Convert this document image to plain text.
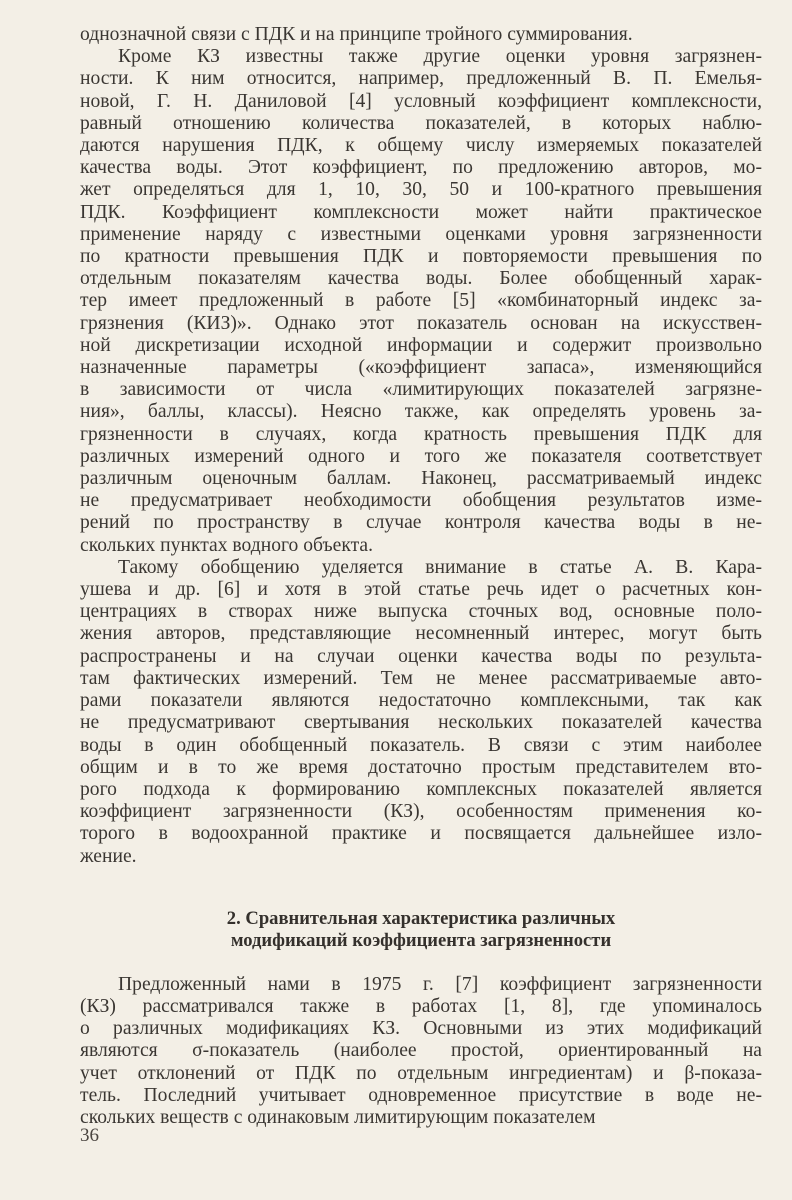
однозначной связи с ПДК и на принципе тройного суммирования.

Кроме КЗ известны также другие оценки уровня загрязнен-
ности. К ним относится, например, предложенный В. П. Емелья-
новой, Г. Н. Даниловой [4] условный коэффициент комплексности,
равный отношению количества показателей, в которых наблю-
даются нарушения ПДК, к общему числу измеряемых показателей
качества воды. Этот коэффициент, по предложению авторов, мо-
жет определяться для 1, 10, 30, 50 и 100-кратного превышения
ПДК. Коэффициент комплексности может найти практическое
применение наряду с известными оценками уровня загрязненности
по кратности превышения ПДК и повторяемости превышения по
отдельным показателям качества воды. Более обобщенный харак-
тер имеет предложенный в работе [5] «комбинаторный индекс за-
грязнения (КИЗ)». Однако этот показатель основан на искусствен-
ной дискретизации исходной информации и содержит произвольно
назначенные параметры («коэффициент запаса», изменяющийся
в зависимости от числа «лимитирующих показателей загрязне-
ния», баллы, классы). Неясно также, как определять уровень за-
грязненности в случаях, когда кратность превышения ПДК для
различных измерений одного и того же показателя соответствует
различным оценочным баллам. Наконец, рассматриваемый индекс
не предусматривает необходимости обобщения результатов изме-
рений по пространству в случае контроля качества воды в не-
скольких пунктах водного объекта.

Такому обобщению уделяется внимание в статье А. В. Кара-
ушева и др. [6] и хотя в этой статье речь идет о расчетных кон-
центрациях в створах ниже выпуска сточных вод, основные поло-
жения авторов, представляющие несомненный интерес, могут быть
распространены и на случаи оценки качества воды по результа-
там фактических измерений. Тем не менее рассматриваемые авто-
рами показатели являются недостаточно комплексными, так как
не предусматривают свертывания нескольких показателей качества
воды в один обобщенный показатель. В связи с этим наиболее
общим и в то же время достаточно простым представителем вто-
рого подхода к формированию комплексных показателей является
коэффициент загрязненности (КЗ), особенностям применения ко-
торого в водоохранной практике и посвящается дальнейшее изло-
жение.

2. Сравнительная характеристика различных
модификаций коэффициента загрязненности

Предложенный нами в 1975 г. [7] коэффициент загрязненности
(КЗ) рассматривался также в работах [1, 8], где упоминалось
о различных модификациях КЗ. Основными из этих модификаций
являются σ-показатель (наиболее простой, ориентированный на
учет отклонений от ПДК по отдельным ингредиентам) и β-показа-
тель. Последний учитывает одновременное присутствие в воде не-
скольких веществ с одинаковым лимитирующим показателем

36
